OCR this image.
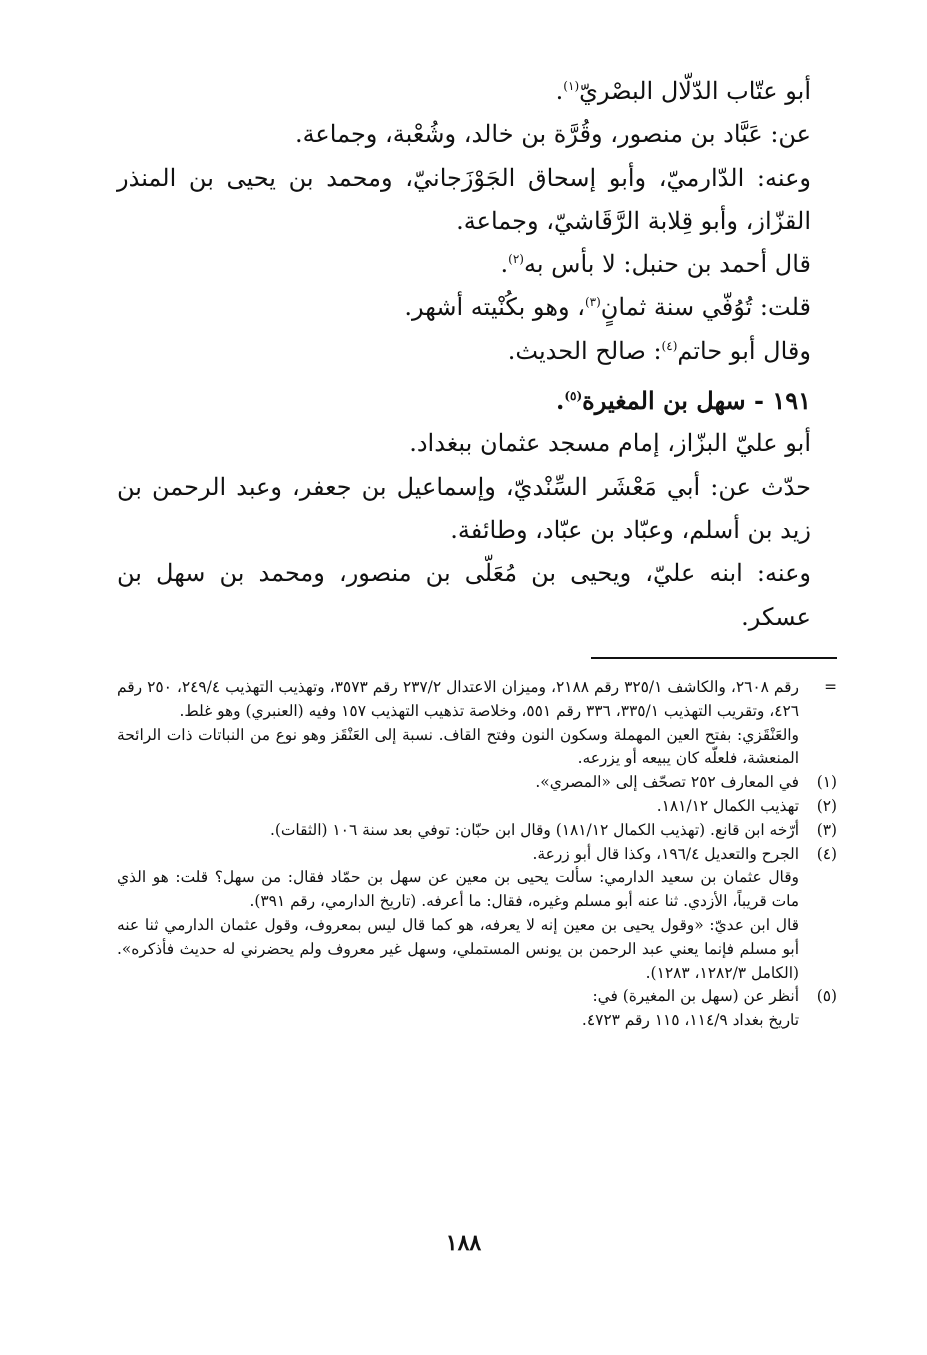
أبو عتّاب الدّلّال البصْريّ$^{(١)}$.

عن: عَبَّاد بن منصور، وقُرَّة بن خالد، وشُعْبة، وجماعة.

وعنه: الدّارميّ، وأبو إسحاق الجَوْزَجانيّ، ومحمد بن يحيى بن المنذر القزّاز، وأبو قِلابة الرَّقَاشيّ، وجماعة.

قال أحمد بن حنبل: لا بأس به$^{(٢)}$.

قلت: تُوُفّي سنة ثمانٍ$^{(٣)}$، وهو بكُنْيته أشهر.

وقال أبو حاتم$^{(٤)}$: صالح الحديث.

١٩١ - سهل بن المغيرة$^{(٥)}$.

أبو عليّ البزّاز، إمام مسجد عثمان ببغداد.

حدّث عن: أبي مَعْشَر السِّنْديّ، وإسماعيل بن جعفر، وعبد الرحمن بن زيد بن أسلم، وعبّاد بن عبّاد، وطائفة.

وعنه: ابنه عليّ، ويحيى بن مُعَلّى بن منصور، ومحمد بن سهل بن عسكر.

=
رقم ٢٦٠٨، والكاشف ٣٢٥/١ رقم ٢١٨٨، وميزان الاعتدال ٢٣٧/٢ رقم ٣٥٧٣، وتهذيب التهذيب ٢٤٩/٤، ٢٥٠ رقم ٤٢٦، وتقريب التهذيب ٣٣٥/١، ٣٣٦ رقم ٥٥١، وخلاصة تذهيب التهذيب ١٥٧ وفيه (العنبري) وهو غلط.

والعَنْقَزي: بفتح العين المهملة وسكون النون وفتح القاف. نسبة إلى العَنْقَز وهو نوع من النباتات ذات الرائحة المنعشة، فلعلّه كان يبيعه أو يزرعه.

(١)
في المعارف ٢٥٢ تصحّف إلى «المصري».

(٢)
تهذيب الكمال ١٨١/١٢.

(٣)
أرّخه ابن قانع. (تهذيب الكمال ١٨١/١٢) وقال ابن حبّان: توفي بعد سنة ١٠٦ (الثقات).

(٤)
الجرح والتعديل ١٩٦/٤، وكذا قال أبو زرعة.

وقال عثمان بن سعيد الدارمي: سألت يحيى بن معين عن سهل بن حمّاد فقال: من سهل؟ قلت: هو الذي مات قريباً، الأزدي. ثنا عنه أبو مسلم وغيره، فقال: ما أعرفه. (تاريخ الدارمي، رقم ٣٩١).

قال ابن عديّ: «وقول يحيى بن معين إنه لا يعرفه، هو كما قال ليس بمعروف، وقول عثمان الدارمي ثنا عنه أبو مسلم فإنما يعني عبد الرحمن بن يونس المستملي، وسهل غير معروف ولم يحضرني له حديث فأذكره». (الكامل ١٢٨٢/٣، ١٢٨٣).

(٥)
أنظر عن (سهل بن المغيرة) في:

تاريخ بغداد ١١٤/٩، ١١٥ رقم ٤٧٢٣.

١٨٨
